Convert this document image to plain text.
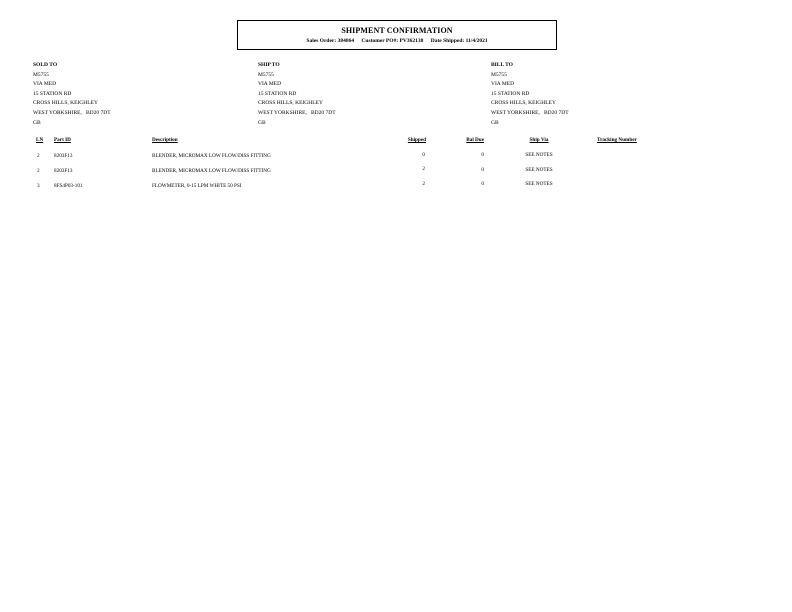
SHIPMENT CONFIRMATION
Sales Order: 384864 Customer PO#: PV362138 Date Shipped: 11/4/2021
SOLD TO
M5755
VIA MED
15 STATION RD
CROSS HILLS, KEIGHLEY
WEST YORKSHIRE,   BD20 7DT
GB
SHIP TO
M5755
VIA MED
15 STATION RD
CROSS HILLS, KEIGHLEY
WEST YORKSHIRE,   BD20 7DT
GB
BILL TO
M5755
VIA MED
15 STATION RD
CROSS HILLS, KEIGHLEY
WEST YORKSHIRE,   BD20 7DT
GB
LN Part ID	Description	Shipped	Bal Due	Ship Via	Tracking Number
2	8203F13	BLENDER, MICROMAX LOW FLOW/DISS FITTING	0	0	SEE NOTES
2	8203F13	BLENDER, MICROMAX LOW FLOW/DISS FITTING	2	0	SEE NOTES
3	8FS4P03-101	FLOWMETER, 0-15 LPM WHITE 50 PSI	2	0	SEE NOTES
